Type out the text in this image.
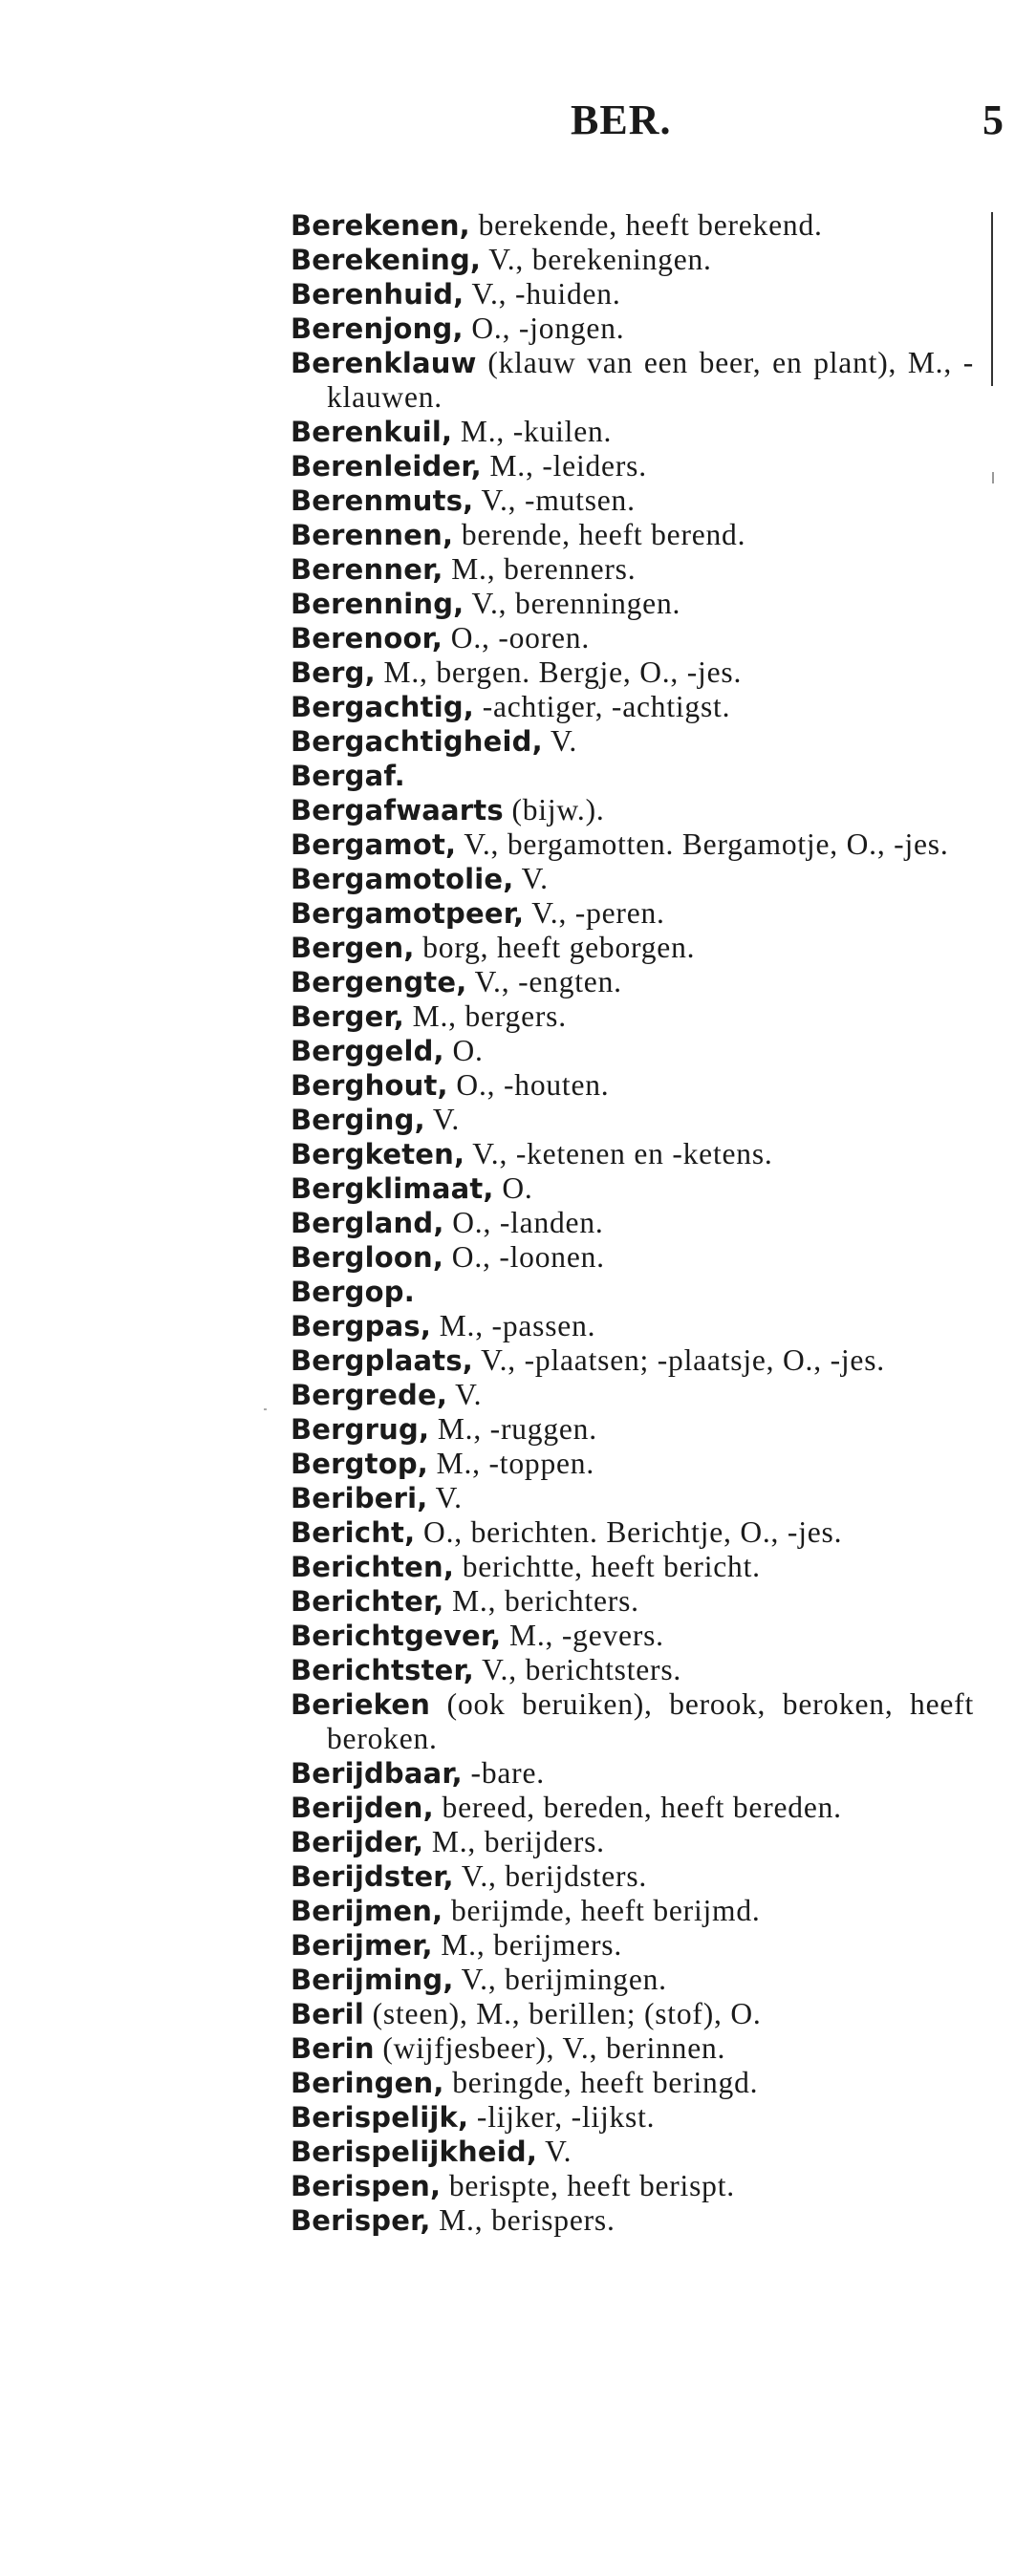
BER.	5
Berekenen, berekende, heeft berekend.
Berekening, V., berekeningen.
Berenhuid, V., -huiden.
Berenjong, O., -jongen.
Berenklauw (klauw van een beer, en plant), M., -klauwen.
Berenkuil, M., -kuilen.
Berenleider, M., -leiders.
Berenmuts, V., -mutsen.
Berennen, berende, heeft berend.
Berenner, M., berenners.
Berenning, V., berenningen.
Berenoor, O., -ooren.
Berg, M., bergen. Bergje, O., -jes.
Bergachtig, -achtiger, -achtigst.
Bergachtigheid, V.
Bergaf.
Bergafwaarts (bijw.).
Bergamot, V., bergamotten. Bergamotje, O., -jes.
Bergamotolie, V.
Bergamotpeer, V., -peren.
Bergen, borg, heeft geborgen.
Bergengte, V., -engten.
Berger, M., bergers.
Berggeld, O.
Berghout, O., -houten.
Berging, V.
Bergketen, V., -ketenen en -ketens.
Bergklimaat, O.
Bergland, O., -landen.
Bergloon, O., -loonen.
Bergop.
Bergpas, M., -passen.
Bergplaats, V., -plaatsen; -plaatsje, O., -jes.
Bergrede, V.
Bergrug, M., -ruggen.
Bergtop, M., -toppen.
Beriberi, V.
Bericht, O., berichten. Berichtje, O., -jes.
Berichten, berichtte, heeft bericht.
Berichter, M., berichters.
Berichtgever, M., -gevers.
Berichtster, V., berichtsters.
Berieken (ook beruiken), berook, beroken, heeft beroken.
Berijdbaar, -bare.
Berijden, bereed, bereden, heeft bereden.
Berijder, M., berijders.
Berijdster, V., berijdsters.
Berijmen, berijmde, heeft berijmd.
Berijmer, M., berijmers.
Berijming, V., berijmingen.
Beril (steen), M., berillen; (stof), O.
Berin (wijfjesbeer), V., berinnen.
Beringen, beringde, heeft beringd.
Berispelijk, -lijker, -lijkst.
Berispelijkheid, V.
Berispen, berispte, heeft berispt.
Berisper, M., berispers.
